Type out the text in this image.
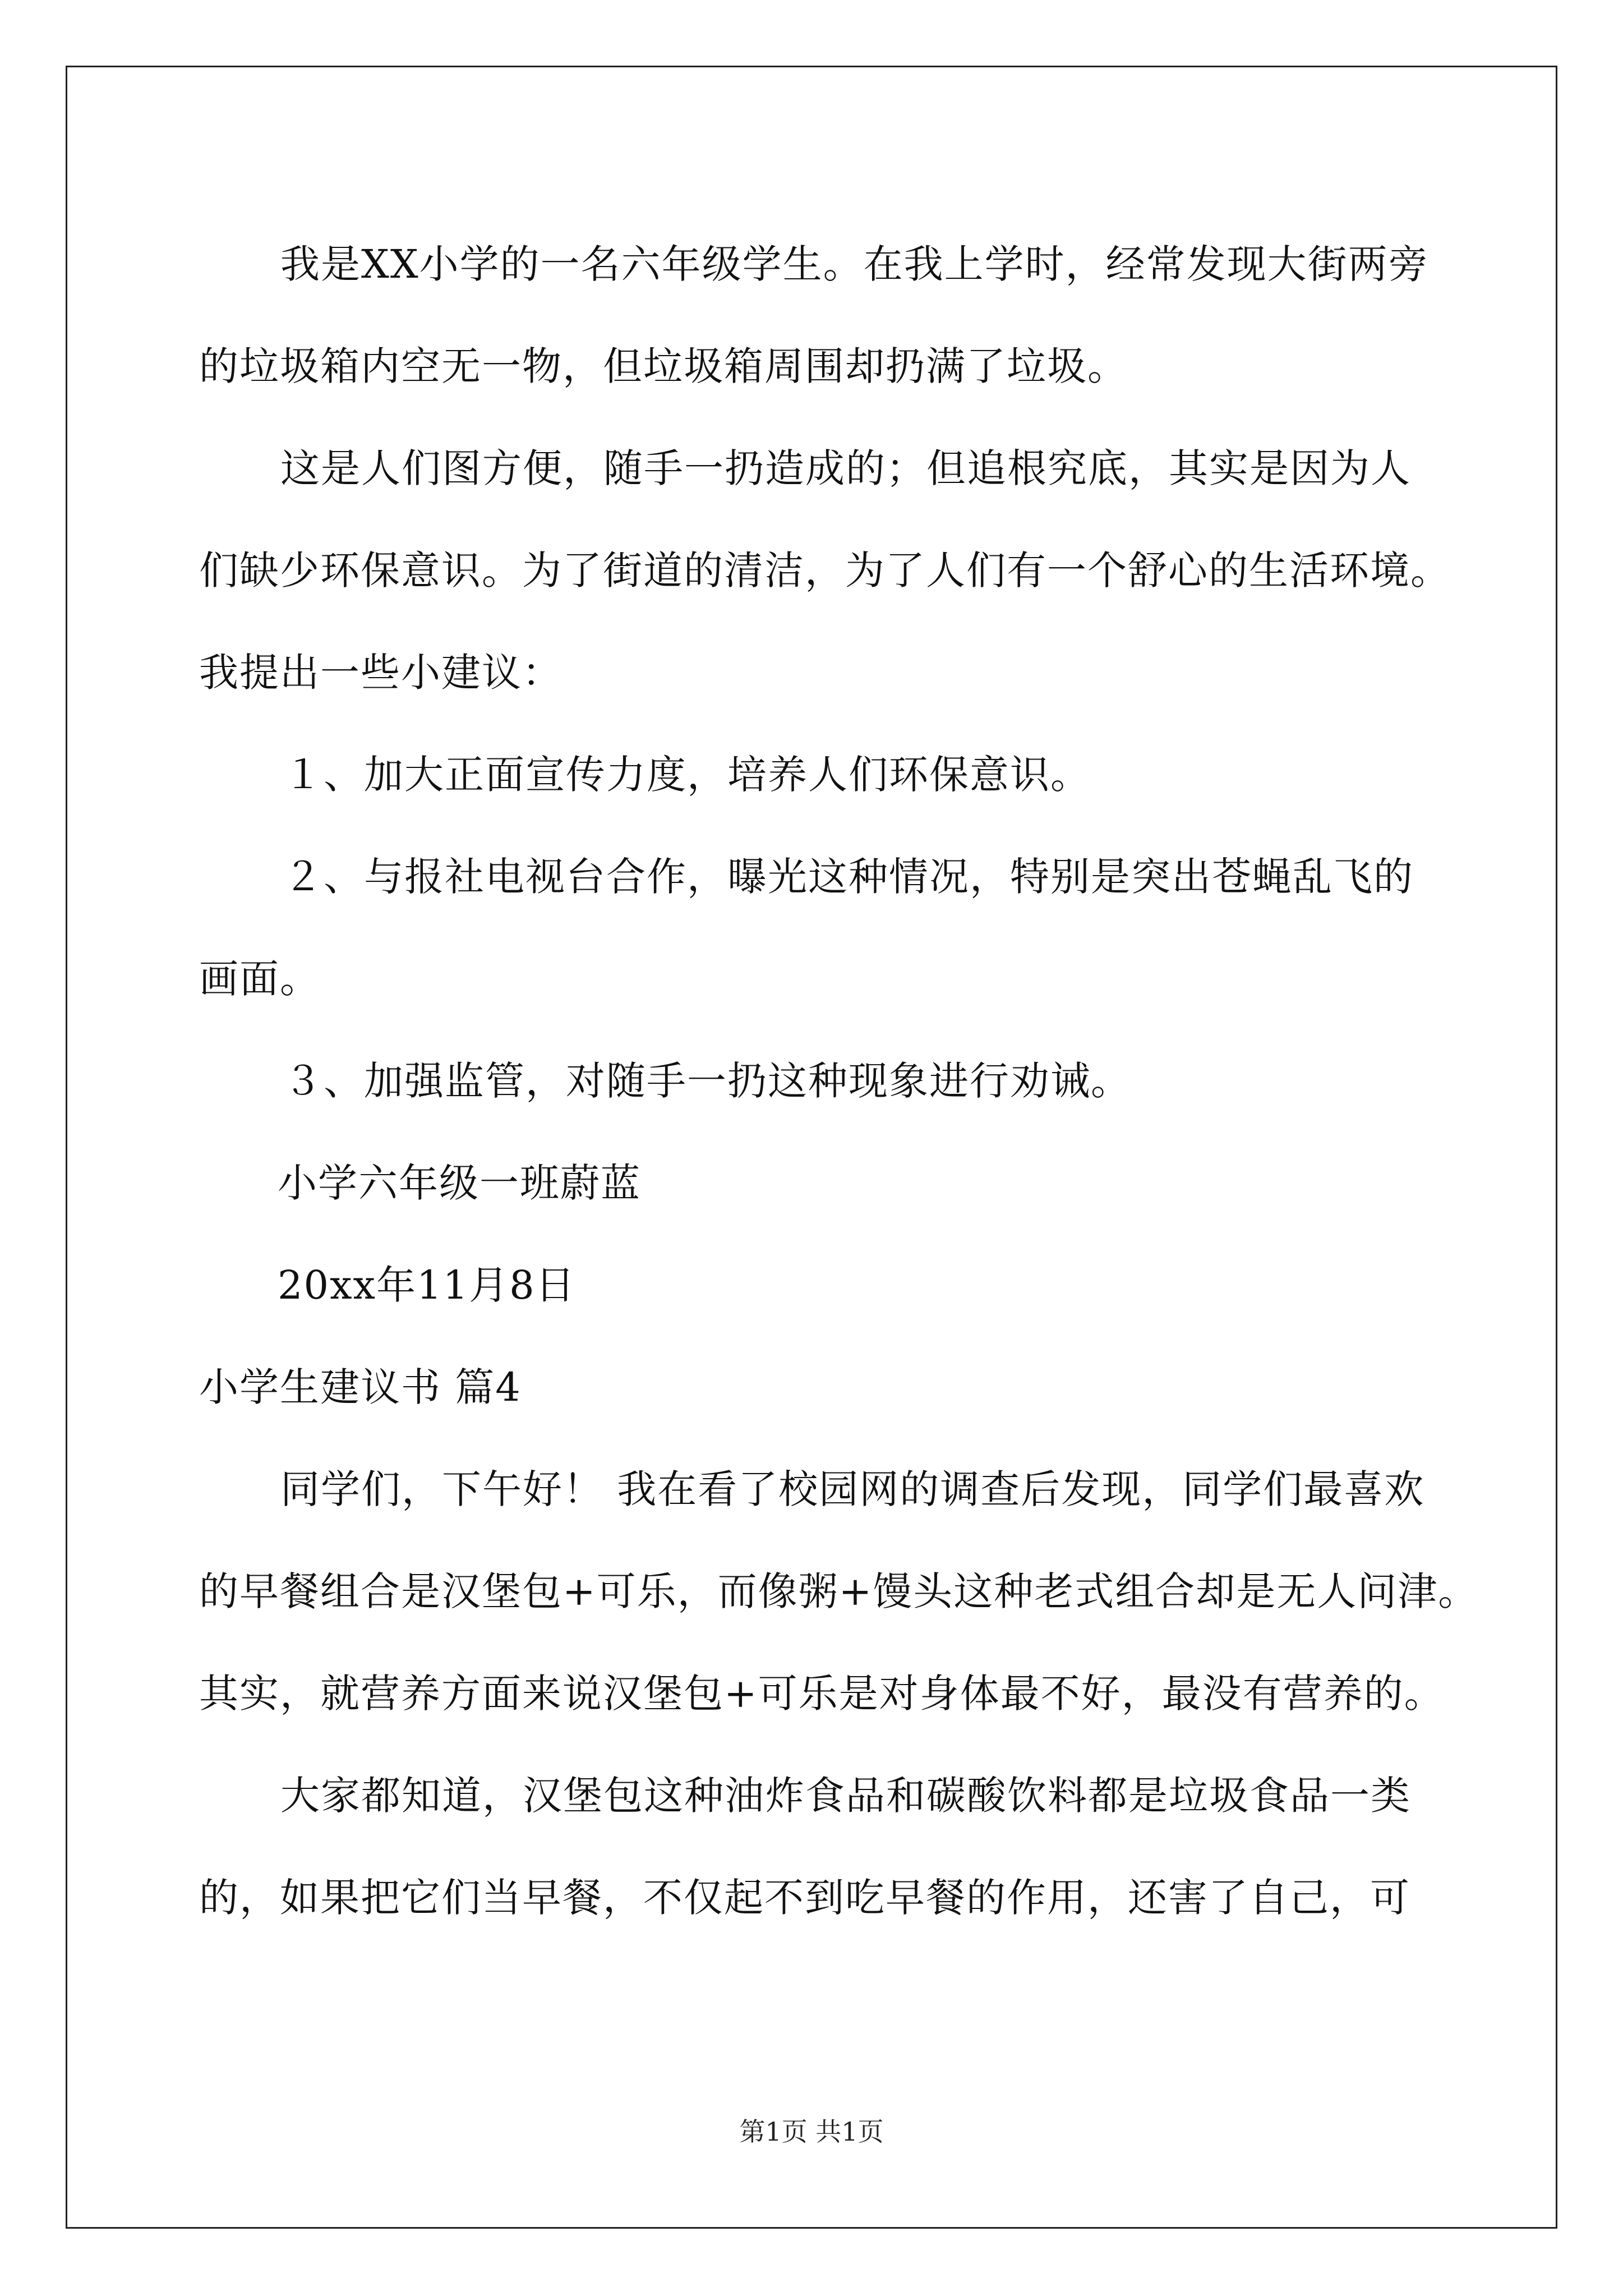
我是XX小学的一名六年级学生。在我上学时，经常发现大街两旁

的垃圾箱内空无一物，但垃圾箱周围却扔满了垃圾。

这是人们图方便，随手一扔造成的；但追根究底，其实是因为人

们缺少环保意识。为了街道的清洁，为了人们有一个舒心的生活环境。

我提出一些小建议：

１、加大正面宣传力度，培养人们环保意识。

２、与报社电视台合作，曝光这种情况，特别是突出苍蝇乱飞的

画面。

３、加强监管，对随手一扔这种现象进行劝诫。

小学六年级一班蔚蓝

20xx年11月8日

小学生建议书 篇4

同学们，下午好！ 我在看了校园网的调查后发现，同学们最喜欢

的早餐组合是汉堡包+可乐，而像粥+馒头这种老式组合却是无人问津。

其实，就营养方面来说汉堡包+可乐是对身体最不好，最没有营养的。

大家都知道，汉堡包这种油炸食品和碳酸饮料都是垃圾食品一类

的，如果把它们当早餐，不仅起不到吃早餐的作用，还害了自己，可

第1页 共1页
